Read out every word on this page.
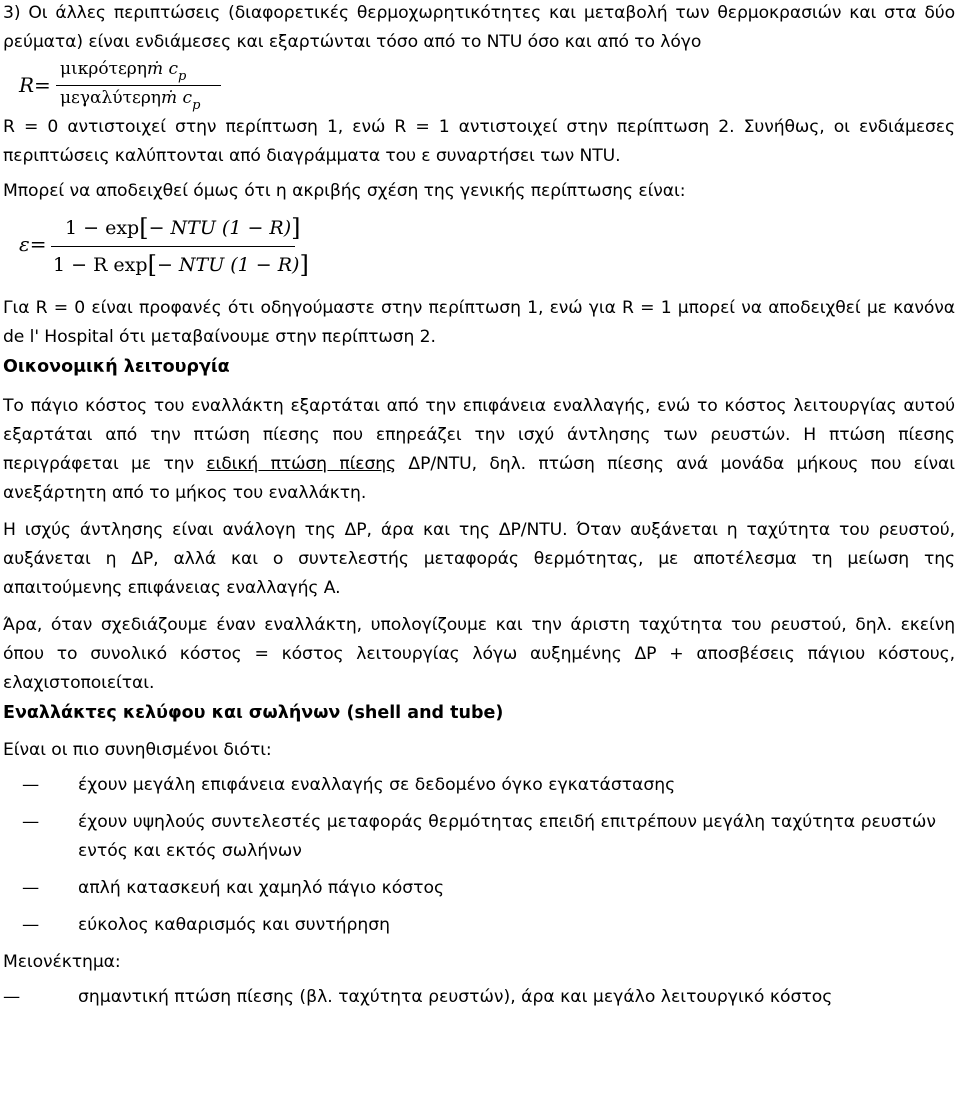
3) Οι άλλες περιπτώσεις (διαφορετικές θερμοχωρητικότητες και μεταβολή των θερμοκρασιών και στα δύο ρεύματα) είναι ενδιάμεσες και εξαρτώνται τόσο από το NTU όσο και από το λόγο

R=
μικρότερηṁ $c_p$
μεγαλύτερηṁ $c_p$

R = 0 αντιστοιχεί στην περίπτωση 1, ενώ R = 1 αντιστοιχεί στην περίπτωση 2. Συνήθως, οι ενδιάμεσες περιπτώσεις καλύπτονται από διαγράμματα του ε συναρτήσει των NTU.

Μπορεί να αποδειχθεί όμως ότι η ακριβής σχέση της γενικής περίπτωσης είναι:

ε=
1 − exp[− NTU (1 − R)]
1 − R exp[− NTU (1 − R)]

Για R = 0 είναι προφανές ότι οδηγούμαστε στην περίπτωση 1, ενώ για R = 1 μπορεί να αποδειχθεί με κανόνα de l' Hospital ότι μεταβαίνουμε στην περίπτωση 2.

Οικονομική λειτουργία

Το πάγιο κόστος του εναλλάκτη εξαρτάται από την επιφάνεια εναλλαγής, ενώ το κόστος λειτουργίας αυτού εξαρτάται από την πτώση πίεσης που επηρεάζει την ισχύ άντλησης των ρευστών. Η πτώση πίεσης περιγράφεται με την ειδική πτώση πίεσης ΔP/NTU, δηλ. πτώση πίεσης ανά μονάδα μήκους που είναι ανεξάρτητη από το μήκος του εναλλάκτη.

Η ισχύς άντλησης είναι ανάλογη της ΔP, άρα και της ΔP/NTU. Όταν αυξάνεται η ταχύτητα του ρευστού, αυξάνεται η ΔP, αλλά και ο συντελεστής μεταφοράς θερμότητας, με αποτέλεσμα τη μείωση της απαιτούμενης επιφάνειας εναλλαγής A.

Άρα, όταν σχεδιάζουμε έναν εναλλάκτη, υπολογίζουμε και την άριστη ταχύτητα του ρευστού, δηλ. εκείνη όπου το συνολικό κόστος = κόστος λειτουργίας λόγω αυξημένης ΔP + αποσβέσεις πάγιου κόστους, ελαχιστοποιείται.

Εναλλάκτες κελύφου και σωλήνων (shell and tube)

Είναι οι πιο συνηθισμένοι διότι:

— έχουν μεγάλη επιφάνεια εναλλαγής σε δεδομένο όγκο εγκατάστασης
— έχουν υψηλούς συντελεστές μεταφοράς θερμότητας επειδή επιτρέπουν μεγάλη ταχύτητα ρευστών εντός και εκτός σωλήνων
— απλή κατασκευή και χαμηλό πάγιο κόστος
— εύκολος καθαρισμός και συντήρηση

Μειονέκτημα:

—	σημαντική πτώση πίεσης (βλ. ταχύτητα ρευστών), άρα και μεγάλο λειτουργικό κόστος
